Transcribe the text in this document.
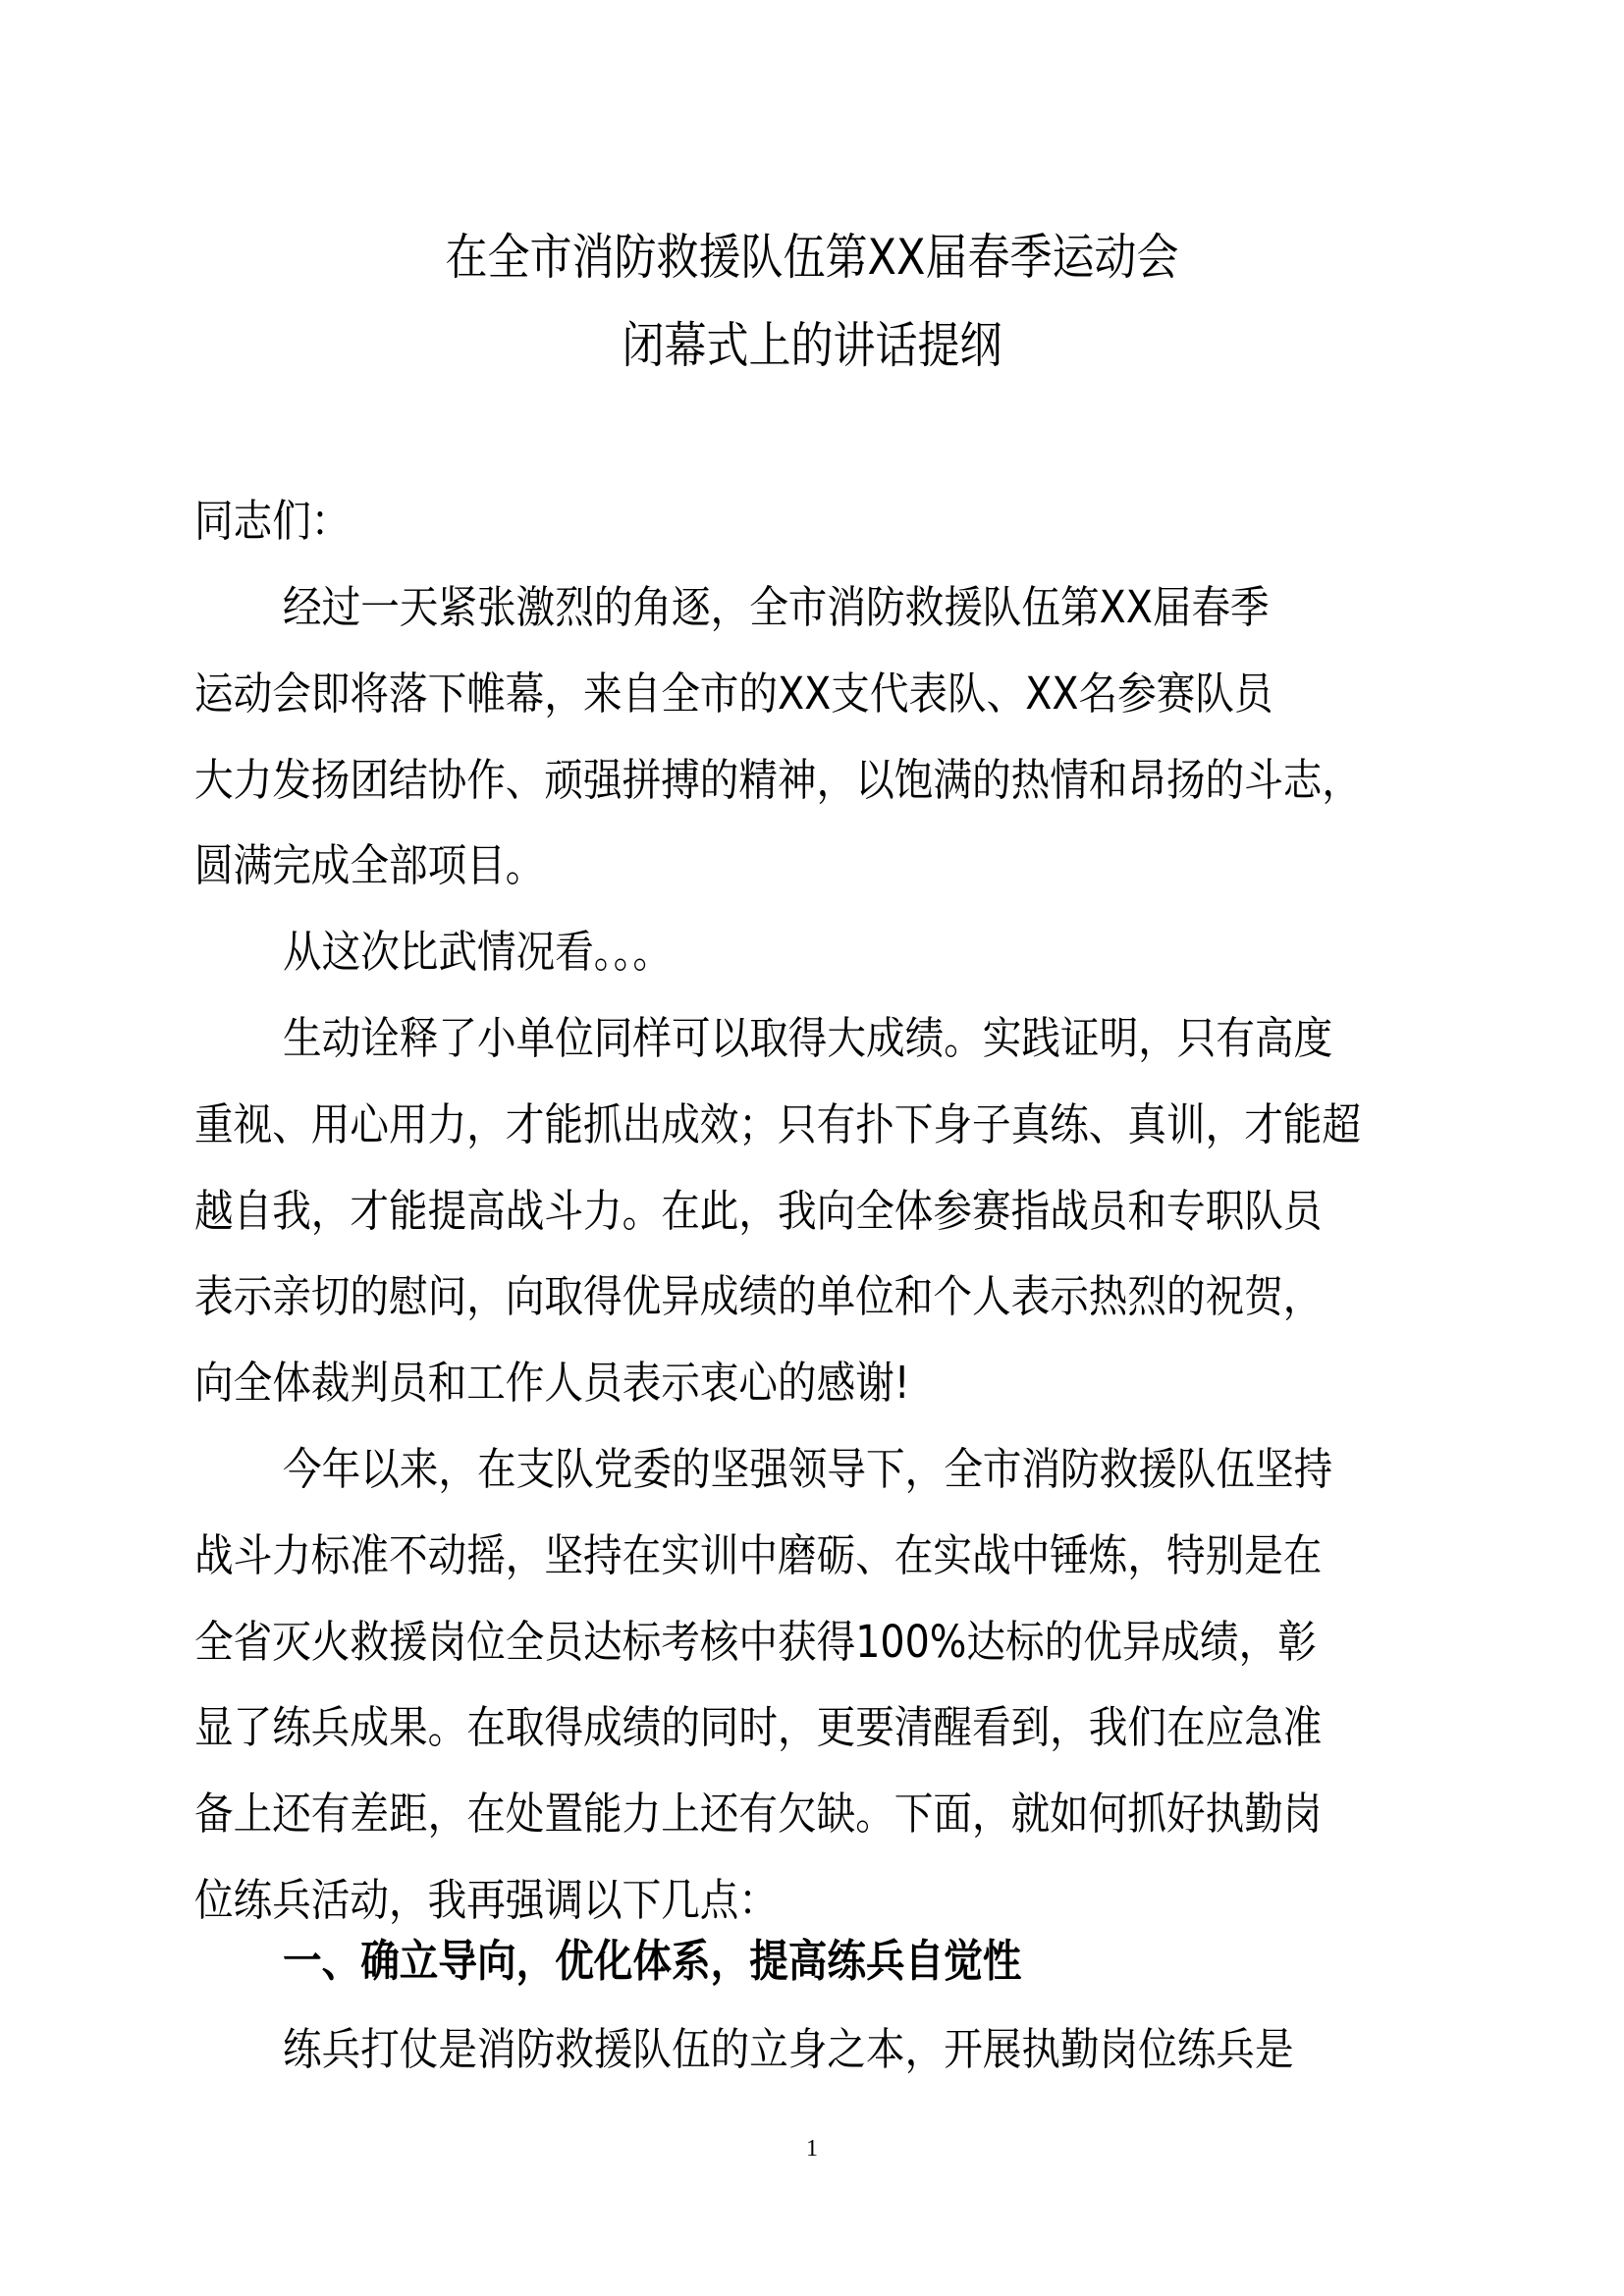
在全市消防救援队伍第XX届春季运动会
闭幕式上的讲话提纲
同志们：
经过一天紧张激烈的角逐，全市消防救援队伍第XX届春季
运动会即将落下帷幕，来自全市的XX支代表队、XX名参赛队员
大力发扬团结协作、顽强拼搏的精神，以饱满的热情和昂扬的斗志，
圆满完成全部项目。
从这次比武情况看。。。
生动诠释了小单位同样可以取得大成绩。实践证明，只有高度
重视、用心用力，才能抓出成效；只有扑下身子真练、真训，才能超
越自我，才能提高战斗力。在此，我向全体参赛指战员和专职队员
表示亲切的慰问，向取得优异成绩的单位和个人表示热烈的祝贺，
向全体裁判员和工作人员表示衷心的感谢!
今年以来，在支队党委的坚强领导下，全市消防救援队伍坚持
战斗力标准不动摇，坚持在实训中磨砺、在实战中锤炼，特别是在
全省灭火救援岗位全员达标考核中获得100%达标的优异成绩，彰
显了练兵成果。在取得成绩的同时，更要清醒看到，我们在应急准
备上还有差距，在处置能力上还有欠缺。下面，就如何抓好执勤岗
位练兵活动，我再强调以下几点：
一、确立导向，优化体系，提高练兵自觉性
练兵打仗是消防救援队伍的立身之本，开展执勤岗位练兵是
1
